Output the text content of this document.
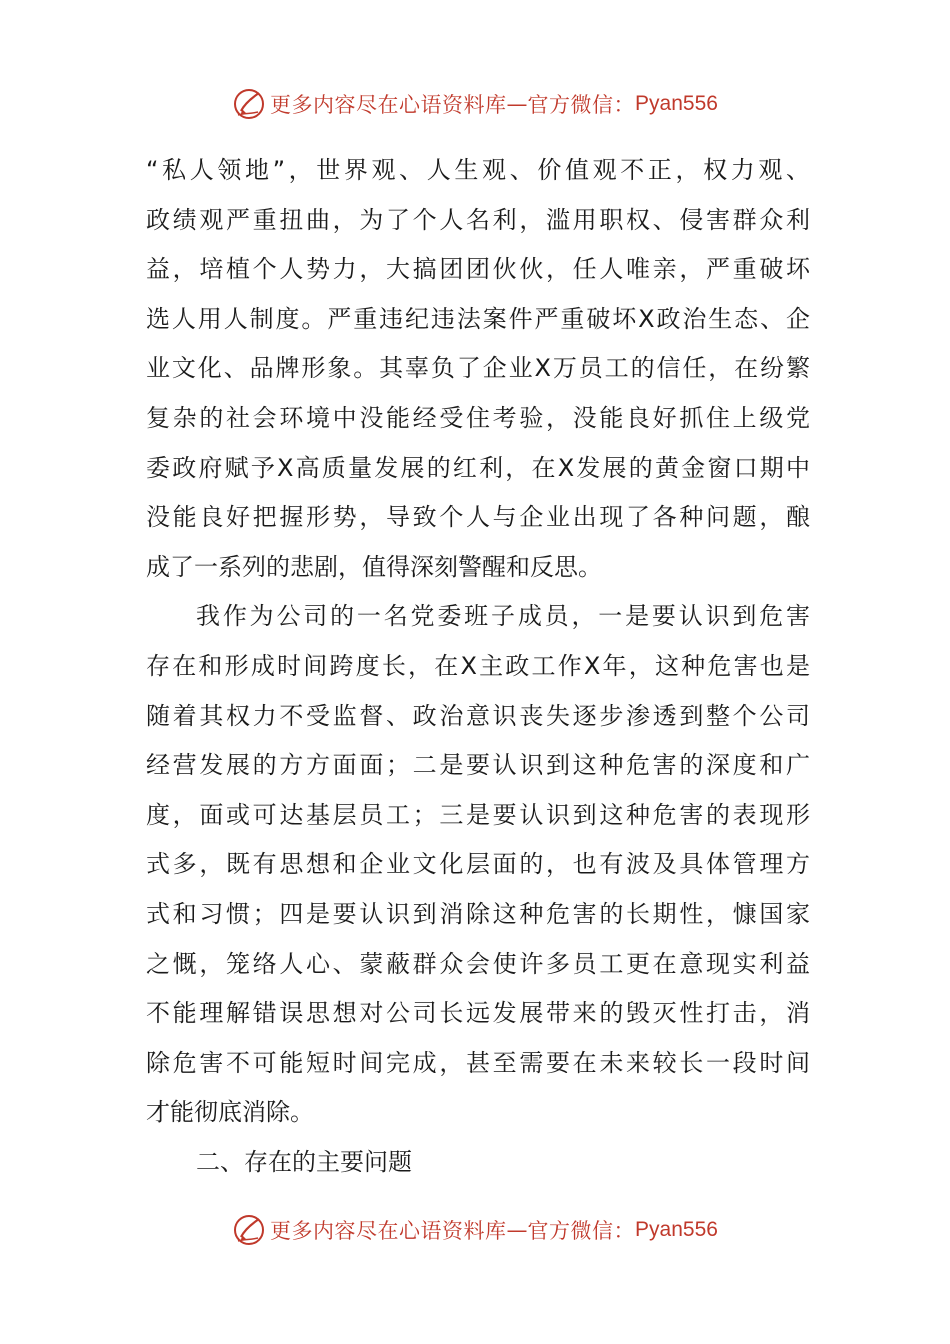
更多内容尽在心语资料库 — 官方微信： Pyan556
“私人领地”，世界观、人生观、价值观不正，权力观、
政绩观严重扭曲，为了个人名利，滥用职权、侵害群众利
益，培植个人势力，大搞团团伙伙，任人唯亲，严重破坏
选人用人制度。严重违纪违法案件严重破坏X政治生态、企
业文化、品牌形象。其辜负了企业X万员工的信任，在纷繁
复杂的社会环境中没能经受住考验，没能良好抓住上级党
委政府赋予X高质量发展的红利，在X发展的黄金窗口期中
没能良好把握形势，导致个人与企业出现了各种问题，酿
成了一系列的悲剧，值得深刻警醒和反思。
我作为公司的一名党委班子成员，一是要认识到危害
存在和形成时间跨度长，在X主政工作X年，这种危害也是
随着其权力不受监督、政治意识丧失逐步渗透到整个公司
经营发展的方方面面；二是要认识到这种危害的深度和广
度，面或可达基层员工；三是要认识到这种危害的表现形
式多，既有思想和企业文化层面的，也有波及具体管理方
式和习惯；四是要认识到消除这种危害的长期性，慷国家
之慨，笼络人心、蒙蔽群众会使许多员工更在意现实利益
不能理解错误思想对公司长远发展带来的毁灭性打击，消
除危害不可能短时间完成，甚至需要在未来较长一段时间
才能彻底消除。
二、存在的主要问题
更多内容尽在心语资料库 — 官方微信： Pyan556
